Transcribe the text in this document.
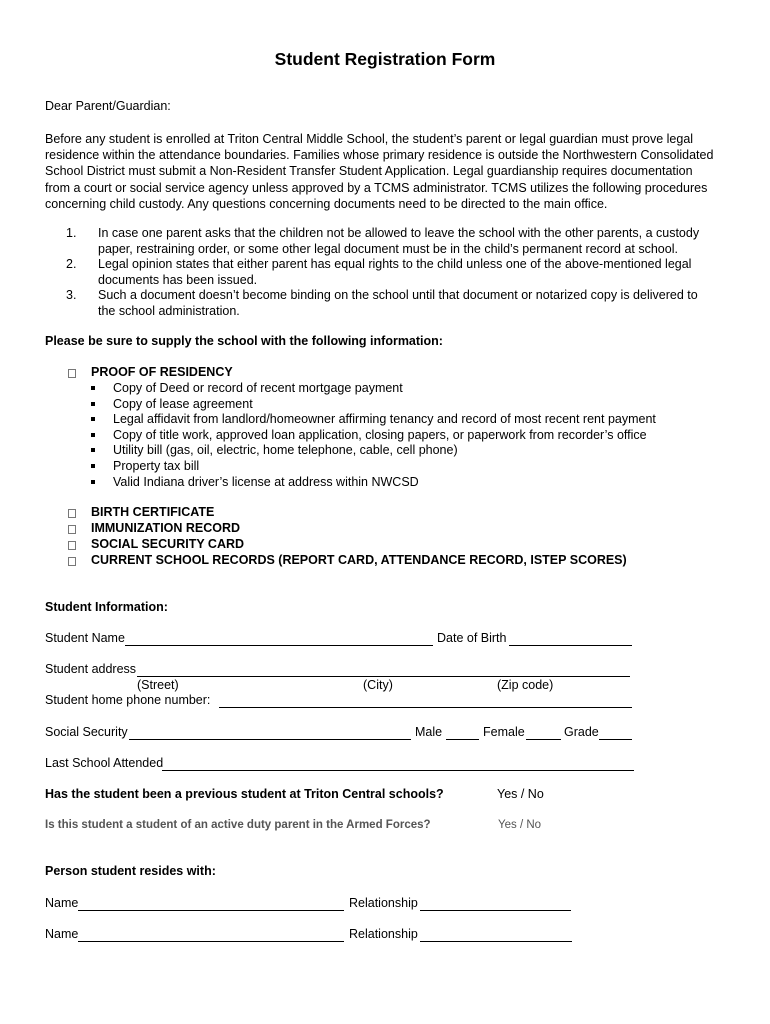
Student Registration Form
Dear Parent/Guardian:
Before any student is enrolled at Triton Central Middle School, the student’s parent or legal guardian must prove legal
residence within the attendance boundaries. Families whose primary residence is outside the Northwestern Consolidated
School District must submit a Non-Resident Transfer Student Application. Legal guardianship requires documentation
from a court or social service agency unless approved by a TCMS administrator. TCMS utilizes the following procedures
concerning child custody. Any questions concerning documents need to be directed to the main office.
1. In case one parent asks that the children not be allowed to leave the school with the other parents, a custody
paper, restraining order, or some other legal document must be in the child’s permanent record at school.
2. Legal opinion states that either parent has equal rights to the child unless one of the above-mentioned legal
documents has been issued.
3. Such a document doesn’t become binding on the school until that document or notarized copy is delivered to
the school administration.
Please be sure to supply the school with the following information:
PROOF OF RESIDENCY
Copy of Deed or record of recent mortgage payment
Copy of lease agreement
Legal affidavit from landlord/homeowner affirming tenancy and record of most recent rent payment
Copy of title work, approved loan application, closing papers, or paperwork from recorder’s office
Utility bill (gas, oil, electric, home telephone, cable, cell phone)
Property tax bill
Valid Indiana driver’s license at address within NWCSD
BIRTH CERTIFICATE
IMMUNIZATION RECORD
SOCIAL SECURITY CARD
CURRENT SCHOOL RECORDS (REPORT CARD, ATTENDANCE RECORD, ISTEP SCORES)
Student Information:
Student Name	Date of Birth
Student address
(Street)	(City)	(Zip code)
Student home phone number:
Social Security	Male	Female	Grade
Last School Attended
Has the student been a previous student at Triton Central schools?	Yes / No
Is this student a student of an active duty parent in the Armed Forces?	Yes / No
Person student resides with:
Name	Relationship
Name	Relationship
